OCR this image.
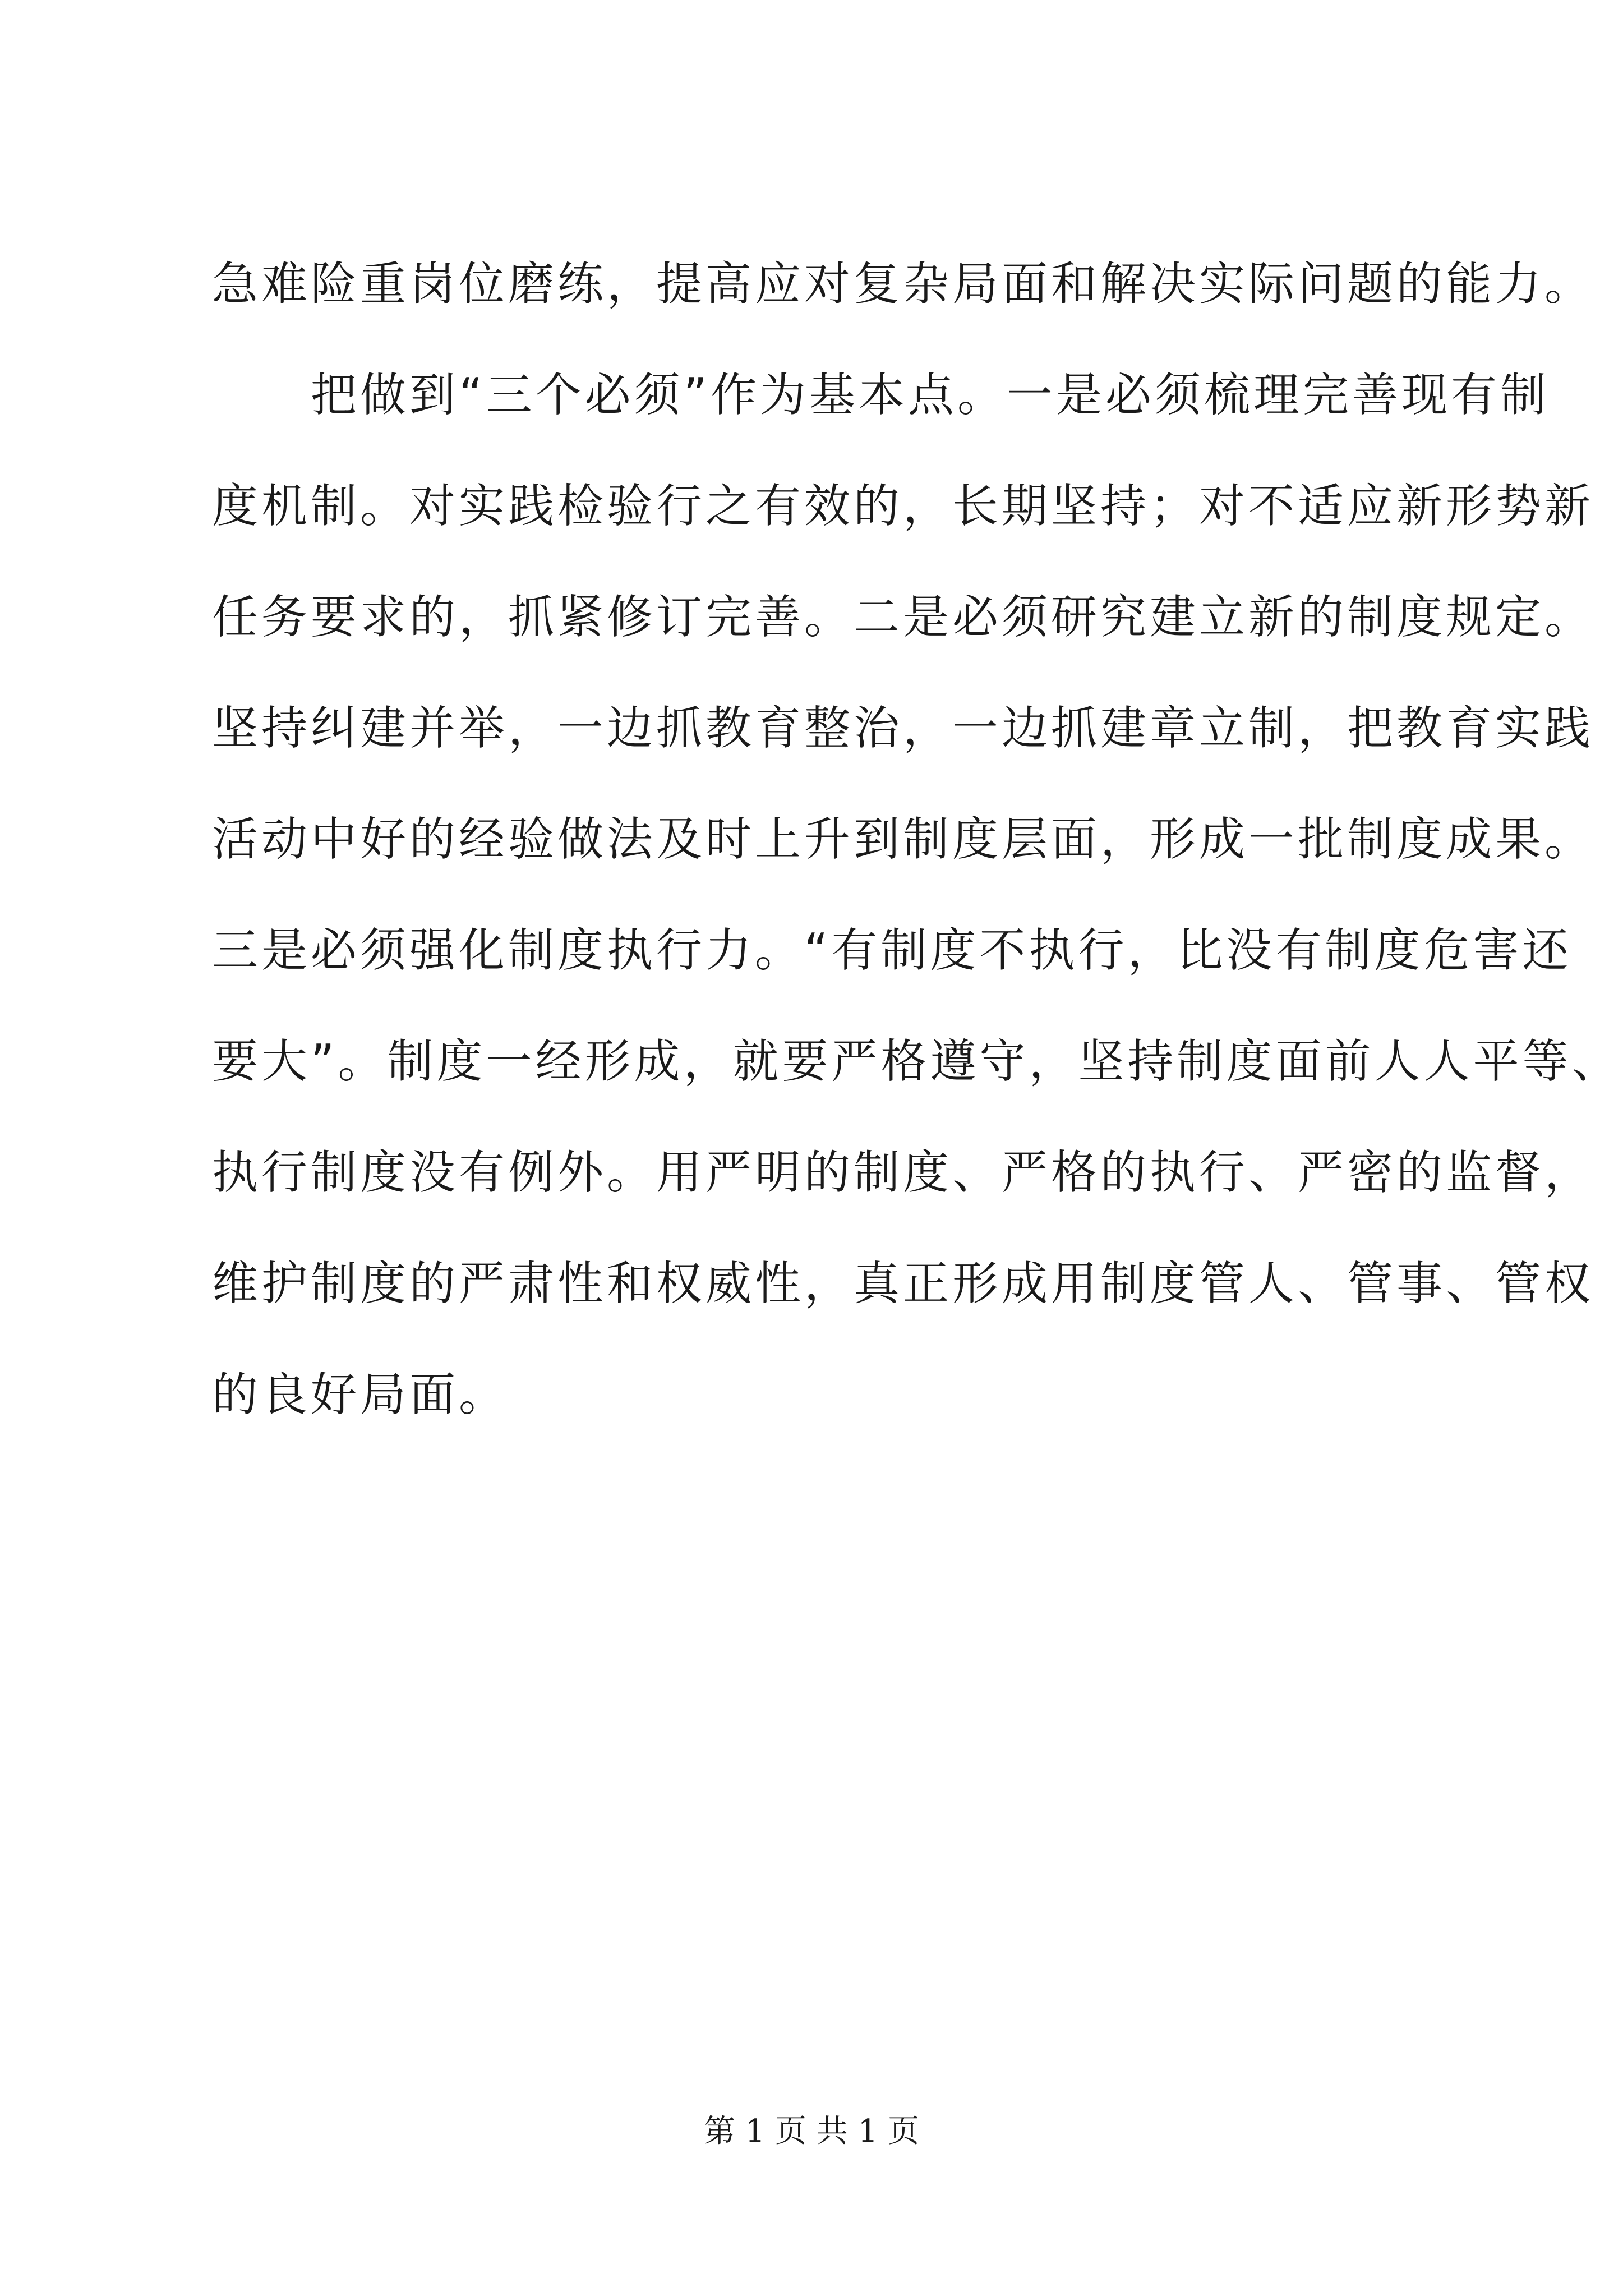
急难险重岗位磨练，提高应对复杂局面和解决实际问题的能力。
　　把做到“三个必须”作为基本点。一是必须梳理完善现有制
度机制。对实践检验行之有效的，长期坚持；对不适应新形势新
任务要求的，抓紧修订完善。二是必须研究建立新的制度规定。
坚持纠建并举，一边抓教育整治，一边抓建章立制，把教育实践
活动中好的经验做法及时上升到制度层面，形成一批制度成果。
三是必须强化制度执行力。“有制度不执行，比没有制度危害还
要大”。制度一经形成，就要严格遵守，坚持制度面前人人平等、
执行制度没有例外。用严明的制度、严格的执行、严密的监督，
维护制度的严肃性和权威性，真正形成用制度管人、管事、管权
的良好局面。
第 1 页 共 1 页
